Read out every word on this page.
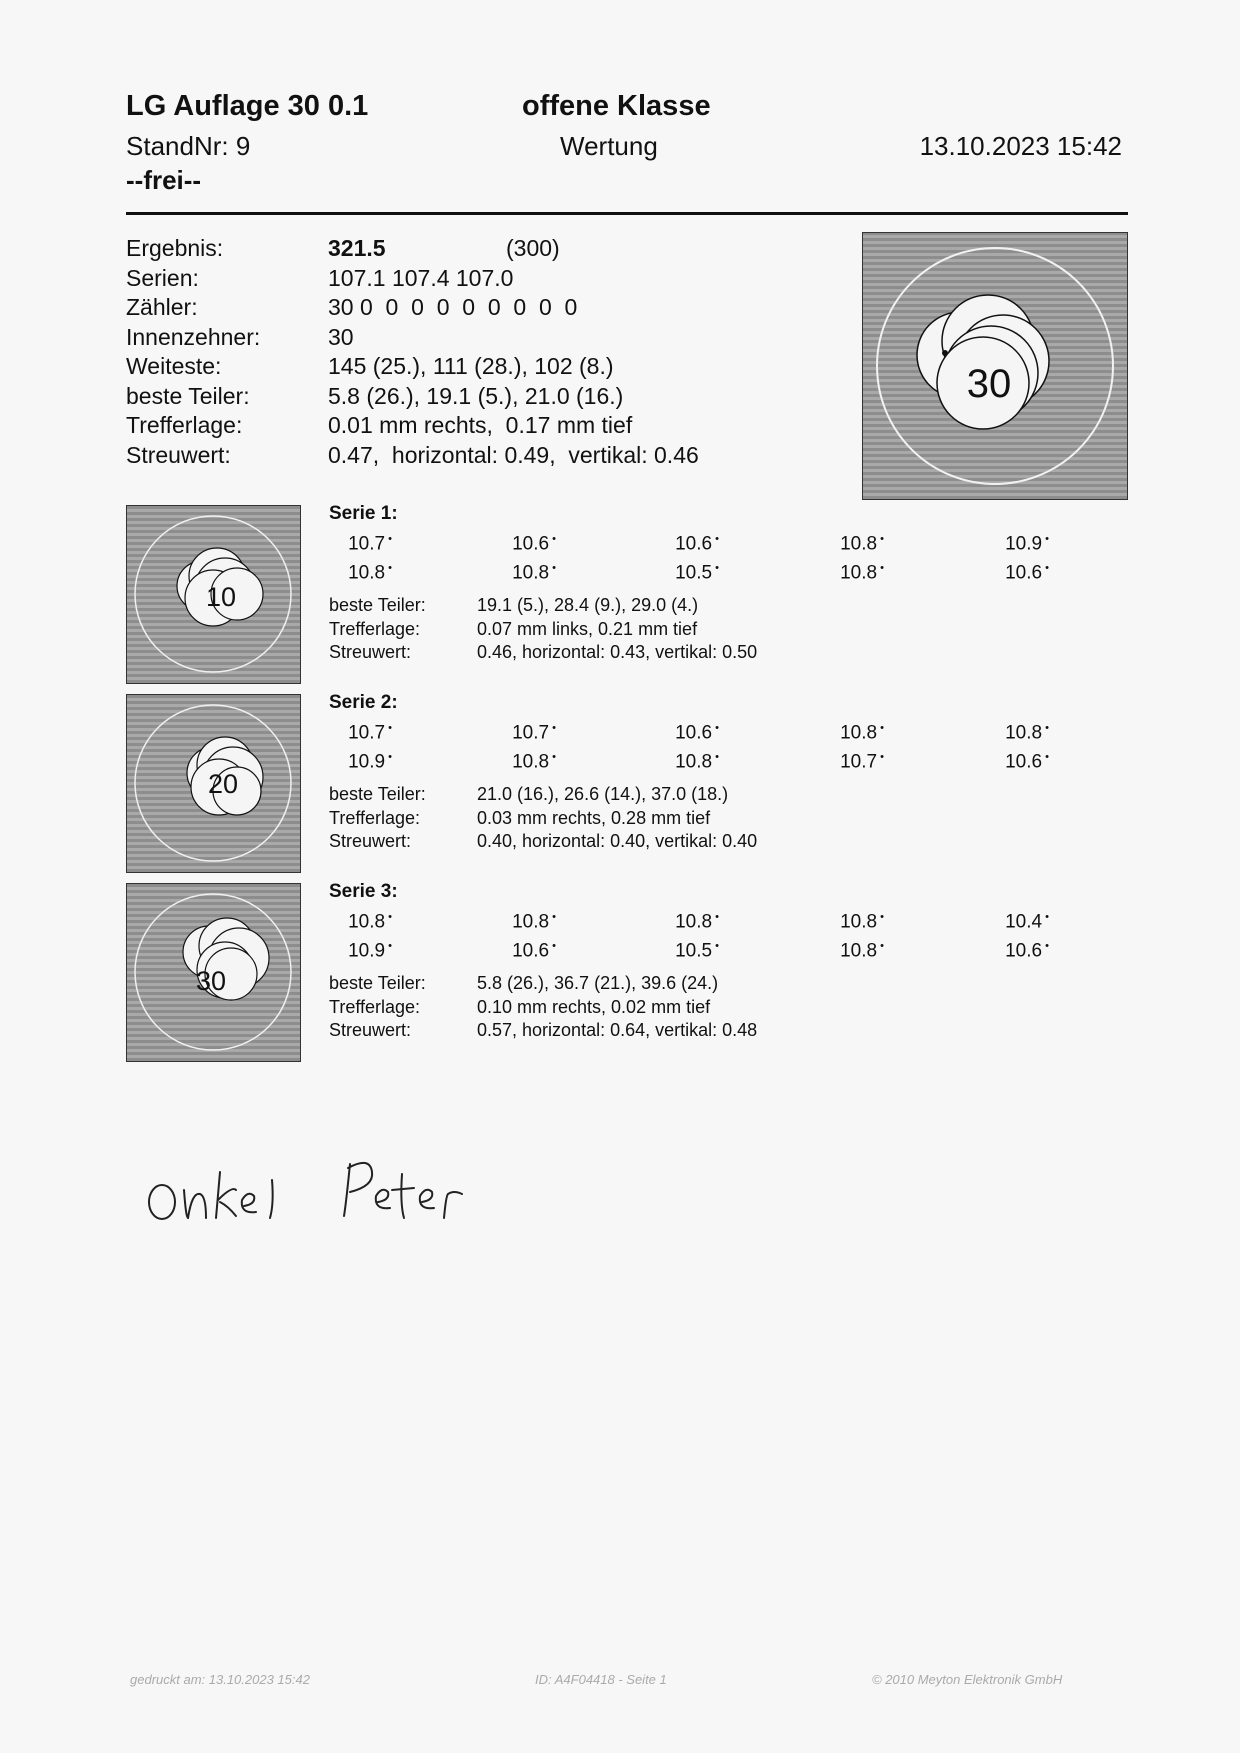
LG Auflage 30 0.1	offene Klasse
StandNr: 9	Wertung	13.10.2023 15:42
--frei--
Ergebnis:	321.5	(300)
Serien:	107.1 107.4 107.0
Zähler:	30 0  0  0  0  0  0  0  0  0
Innenzehner:	30
Weiteste:	145 (25.), 111 (28.), 102 (8.)
beste Teiler:	5.8 (26.), 19.1 (5.), 21.0 (16.)
Trefferlage:	0.01 mm rechts,  0.17 mm tief
Streuwert:	0.47,  horizontal: 0.49,  vertikal: 0.46
30
10
Serie 1:
10.7 •	10.6 •	10.6 •	10.8 •	10.9 •
10.8 •	10.8 •	10.5 •	10.8 •	10.6 •
beste Teiler:	19.1 (5.), 28.4 (9.), 29.0 (4.)
Trefferlage:	0.07 mm links, 0.21 mm tief
Streuwert:	0.46, horizontal: 0.43, vertikal: 0.50
20
Serie 2:
10.7 •	10.7 •	10.6 •	10.8 •	10.8 •
10.9 •	10.8 •	10.8 •	10.7 •	10.6 •
beste Teiler:	21.0 (16.), 26.6 (14.), 37.0 (18.)
Trefferlage:	0.03 mm rechts, 0.28 mm tief
Streuwert:	0.40, horizontal: 0.40, vertikal: 0.40
30
Serie 3:
10.8 •	10.8 •	10.8 •	10.8 •	10.4 •
10.9 •	10.6 •	10.5 •	10.8 •	10.6 •
beste Teiler:	5.8 (26.), 36.7 (21.), 39.6 (24.)
Trefferlage:	0.10 mm rechts, 0.02 mm tief
Streuwert:	0.57, horizontal: 0.64, vertikal: 0.48
gedruckt am: 13.10.2023 15:42	ID: A4F04418 - Seite 1	© 2010 Meyton Elektronik GmbH
